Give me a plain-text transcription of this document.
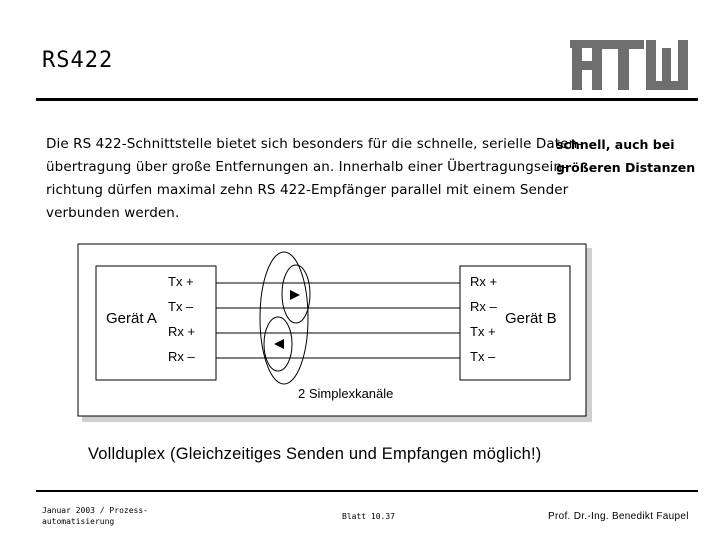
RS422
Die RS 422-Schnittstelle bietet sich besonders für die schnelle, serielle Daten-
übertragung über große Entfernungen an. Innerhalb einer Übertragungsein-
richtung dürfen maximal zehn RS 422-Empfänger parallel mit einem Sender
verbunden werden.
schnell, auch bei
größeren Distanzen
Gerät A	Gerät B
Tx +
Tx –
Rx +
Rx –
Rx +
Rx –
Tx +
Tx –
2 Simplexkanäle
Vollduplex (Gleichzeitiges Senden und Empfangen möglich!)
Januar 2003 / Prozess-
automatisierung
Blatt 10.37	Prof. Dr.-Ing. Benedikt Faupel
